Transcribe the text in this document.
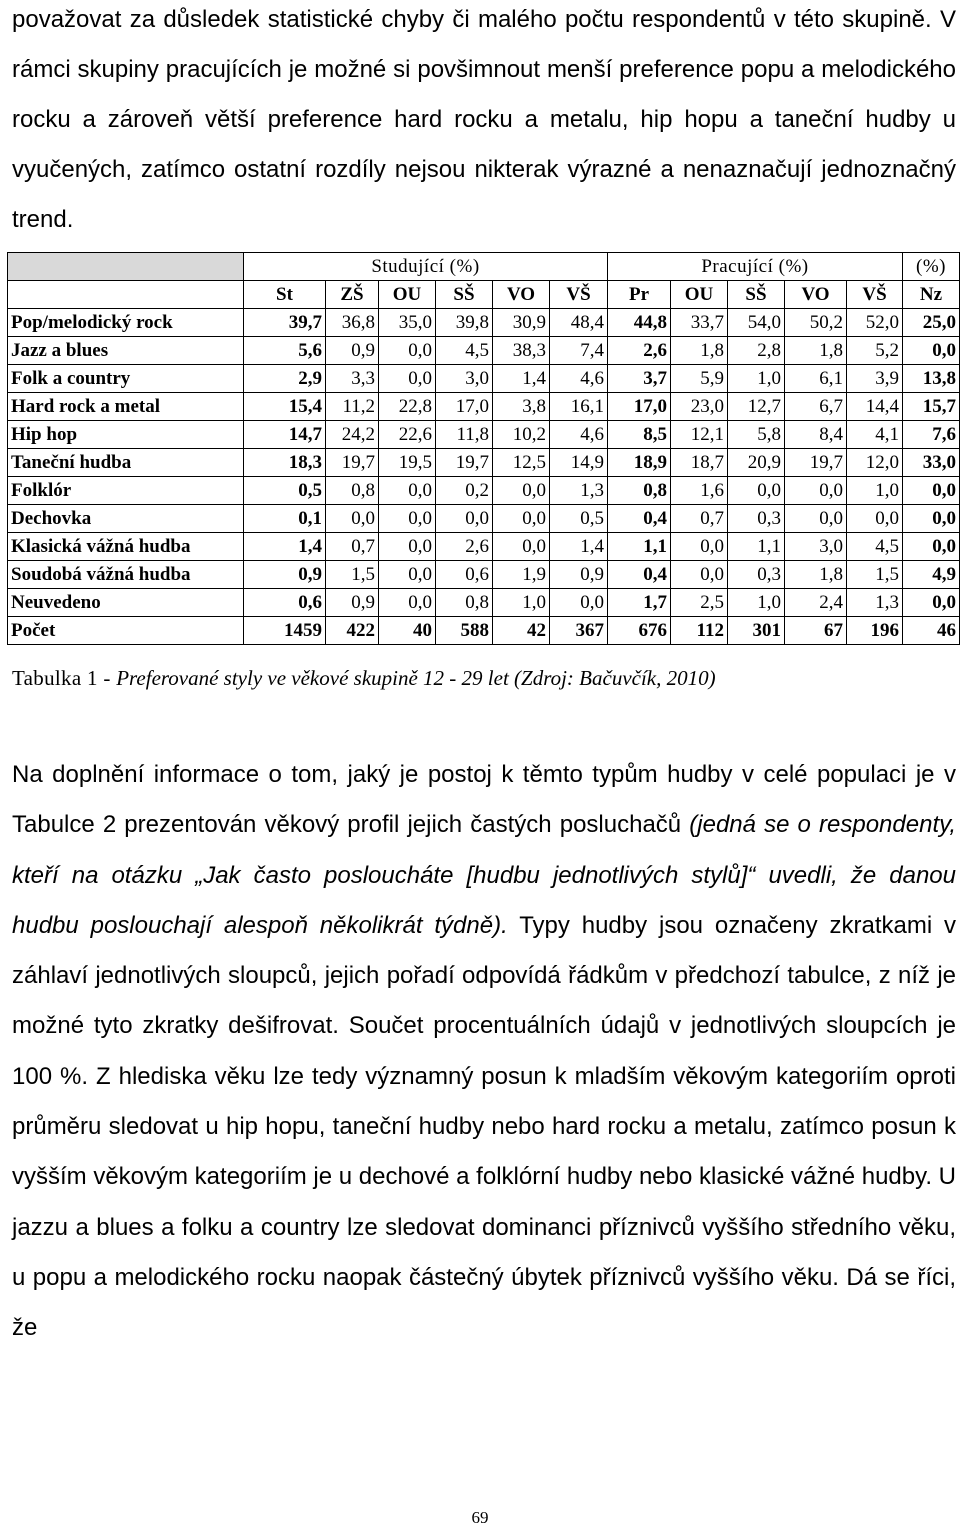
považovat za důsledek statistické chyby či malého počtu respondentů v této skupině. V rámci skupiny pracujících je možné si povšimnout menší preference popu a melodického rocku a zároveň větší preference hard rocku a metalu, hip hopu a taneční hudby u vyučených, zatímco ostatní rozdíly nejsou nikterak výrazné a nenaznačují jednoznačný trend.

	Studující (%)						Pracující (%)					(%)
	St	ZŠ	OU	SŠ	VO	VŠ	Pr	OU	SŠ	VO	VŠ	Nz
Pop/melodický rock	39,7	36,8	35,0	39,8	30,9	48,4	44,8	33,7	54,0	50,2	52,0	25,0
Jazz a blues	5,6	0,9	0,0	4,5	38,3	7,4	2,6	1,8	2,8	1,8	5,2	0,0
Folk a country	2,9	3,3	0,0	3,0	1,4	4,6	3,7	5,9	1,0	6,1	3,9	13,8
Hard rock a metal	15,4	11,2	22,8	17,0	3,8	16,1	17,0	23,0	12,7	6,7	14,4	15,7
Hip hop	14,7	24,2	22,6	11,8	10,2	4,6	8,5	12,1	5,8	8,4	4,1	7,6
Taneční hudba	18,3	19,7	19,5	19,7	12,5	14,9	18,9	18,7	20,9	19,7	12,0	33,0
Folklór	0,5	0,8	0,0	0,2	0,0	1,3	0,8	1,6	0,0	0,0	1,0	0,0
Dechovka	0,1	0,0	0,0	0,0	0,0	0,5	0,4	0,7	0,3	0,0	0,0	0,0
Klasická vážná hudba	1,4	0,7	0,0	2,6	0,0	1,4	1,1	0,0	1,1	3,0	4,5	0,0
Soudobá vážná hudba	0,9	1,5	0,0	0,6	1,9	0,9	0,4	0,0	0,3	1,8	1,5	4,9
Neuvedeno	0,6	0,9	0,0	0,8	1,0	0,0	1,7	2,5	1,0	2,4	1,3	0,0
Počet	1459	422	40	588	42	367	676	112	301	67	196	46
Tabulka 1 - Preferované styly ve věkové skupině 12 - 29 let (Zdroj: Bačuvčík, 2010)

Na doplnění informace o tom, jaký je postoj k těmto typům hudby v celé populaci je v Tabulce 2 prezentován věkový profil jejich častých posluchačů (jedná se o respondenty, kteří na otázku „Jak často posloucháte [hudbu jednotlivých stylů]“ uvedli, že danou hudbu poslouchají alespoň několikrát týdně). Typy hudby jsou označeny zkratkami v záhlaví jednotlivých sloupců, jejich pořadí odpovídá řádkům v předchozí tabulce, z níž je možné tyto zkratky dešifrovat. Součet procentuálních údajů v jednotlivých sloupcích je 100 %. Z hlediska věku lze tedy významný posun k mladším věkovým kategoriím oproti průměru sledovat u hip hopu, taneční hudby nebo hard rocku a metalu, zatímco posun k vyšším věkovým kategoriím je u dechové a folklórní hudby nebo klasické vážné hudby. U jazzu a blues a folku a country lze sledovat dominanci příznivců vyššího středního věku, u popu a melodického rocku naopak částečný úbytek příznivců vyššího věku. Dá se říci, že

69
